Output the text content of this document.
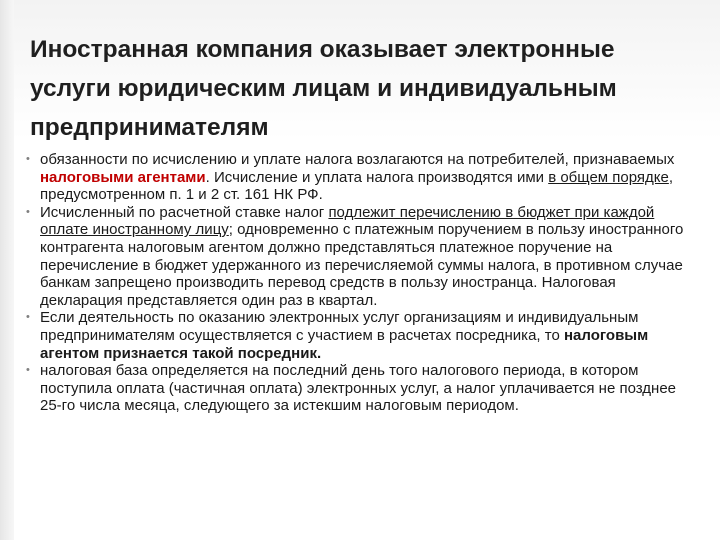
Иностранная компания оказывает электронные услуги юридическим лицам и индивидуальным предпринимателям
• обязанности по исчислению и уплате налога возлагаются на потребителей, признаваемых налоговыми агентами. Исчисление и уплата налога производятся ими в общем порядке, предусмотренном п. 1 и 2 ст. 161 НК РФ.
• Исчисленный по расчетной ставке налог подлежит перечислению в бюджет при каждой оплате иностранному лицу; одновременно с платежным поручением в пользу иностранного контрагента налоговым агентом должно представляться платежное поручение на перечисление в бюджет удержанного из перечисляемой суммы налога, в противном случае банкам запрещено производить перевод средств в пользу иностранца. Налоговая декларация представляется один раз в квартал.
• Если деятельность по оказанию электронных услуг организациям и индивидуальным предпринимателям осуществляется с участием в расчетах посредника, то налоговым агентом признается такой посредник.
• налоговая база определяется на последний день того налогового периода, в котором поступила оплата (частичная оплата) электронных услуг, а налог уплачивается не позднее 25-го числа месяца, следующего за истекшим налоговым периодом.
